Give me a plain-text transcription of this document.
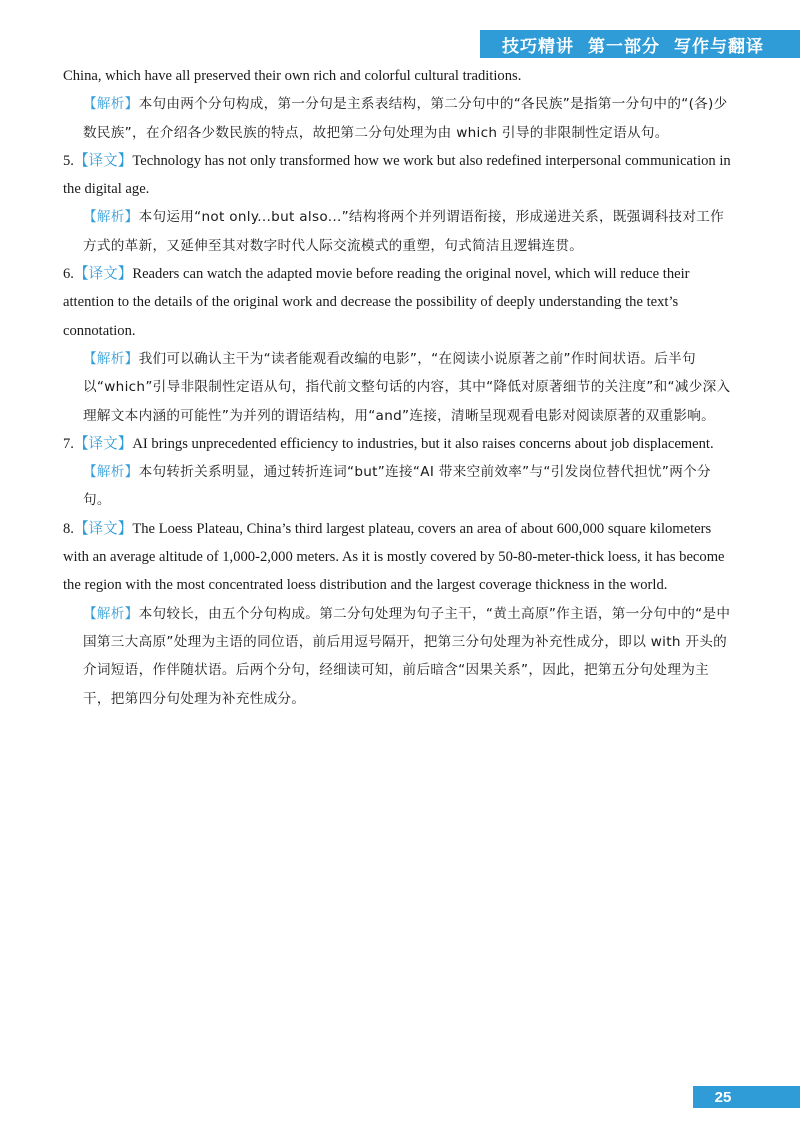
技巧精讲 第一部分 写作与翻译

China, which have all preserved their own rich and colorful cultural traditions.

【解析】本句由两个分句构成，第一分句是主系表结构，第二分句中的“各民族”是指第一分句中的“(各)少数民族”，在介绍各少数民族的特点，故把第二分句处理为由 which 引导的非限制性定语从句。

5.【译文】Technology has not only transformed how we work but also redefined interpersonal communication in the digital age.

【解析】本句运用“not only...but also...”结构将两个并列谓语衔接，形成递进关系，既强调科技对工作方式的革新，又延伸至其对数字时代人际交流模式的重塑，句式简洁且逻辑连贯。

6.【译文】Readers can watch the adapted movie before reading the original novel, which will reduce their attention to the details of the original work and decrease the possibility of deeply understanding the text’s connotation.

【解析】我们可以确认主干为“读者能观看改编的电影”，“在阅读小说原著之前”作时间状语。后半句以“which”引导非限制性定语从句，指代前文整句话的内容，其中“降低对原著细节的关注度”和“减少深入理解文本内涵的可能性”为并列的谓语结构，用“and”连接，清晰呈现观看电影对阅读原著的双重影响。

7.【译文】AI brings unprecedented efficiency to industries, but it also raises concerns about job displacement.

【解析】本句转折关系明显，通过转折连词“but”连接“AI 带来空前效率”与“引发岗位替代担忧”两个分句。

8.【译文】The Loess Plateau, China’s third largest plateau, covers an area of about 600,000 square kilometers with an average altitude of 1,000-2,000 meters. As it is mostly covered by 50-80-meter-thick loess, it has become the region with the most concentrated loess distribution and the largest coverage thickness in the world.

【解析】本句较长，由五个分句构成。第二分句处理为句子主干，“黄土高原”作主语，第一分句中的“是中国第三大高原”处理为主语的同位语，前后用逗号隔开，把第三分句处理为补充性成分，即以 with 开头的介词短语，作伴随状语。后两个分句，经细读可知，前后暗含“因果关系”，因此，把第五分句处理为主干，把第四分句处理为补充性成分。

25
